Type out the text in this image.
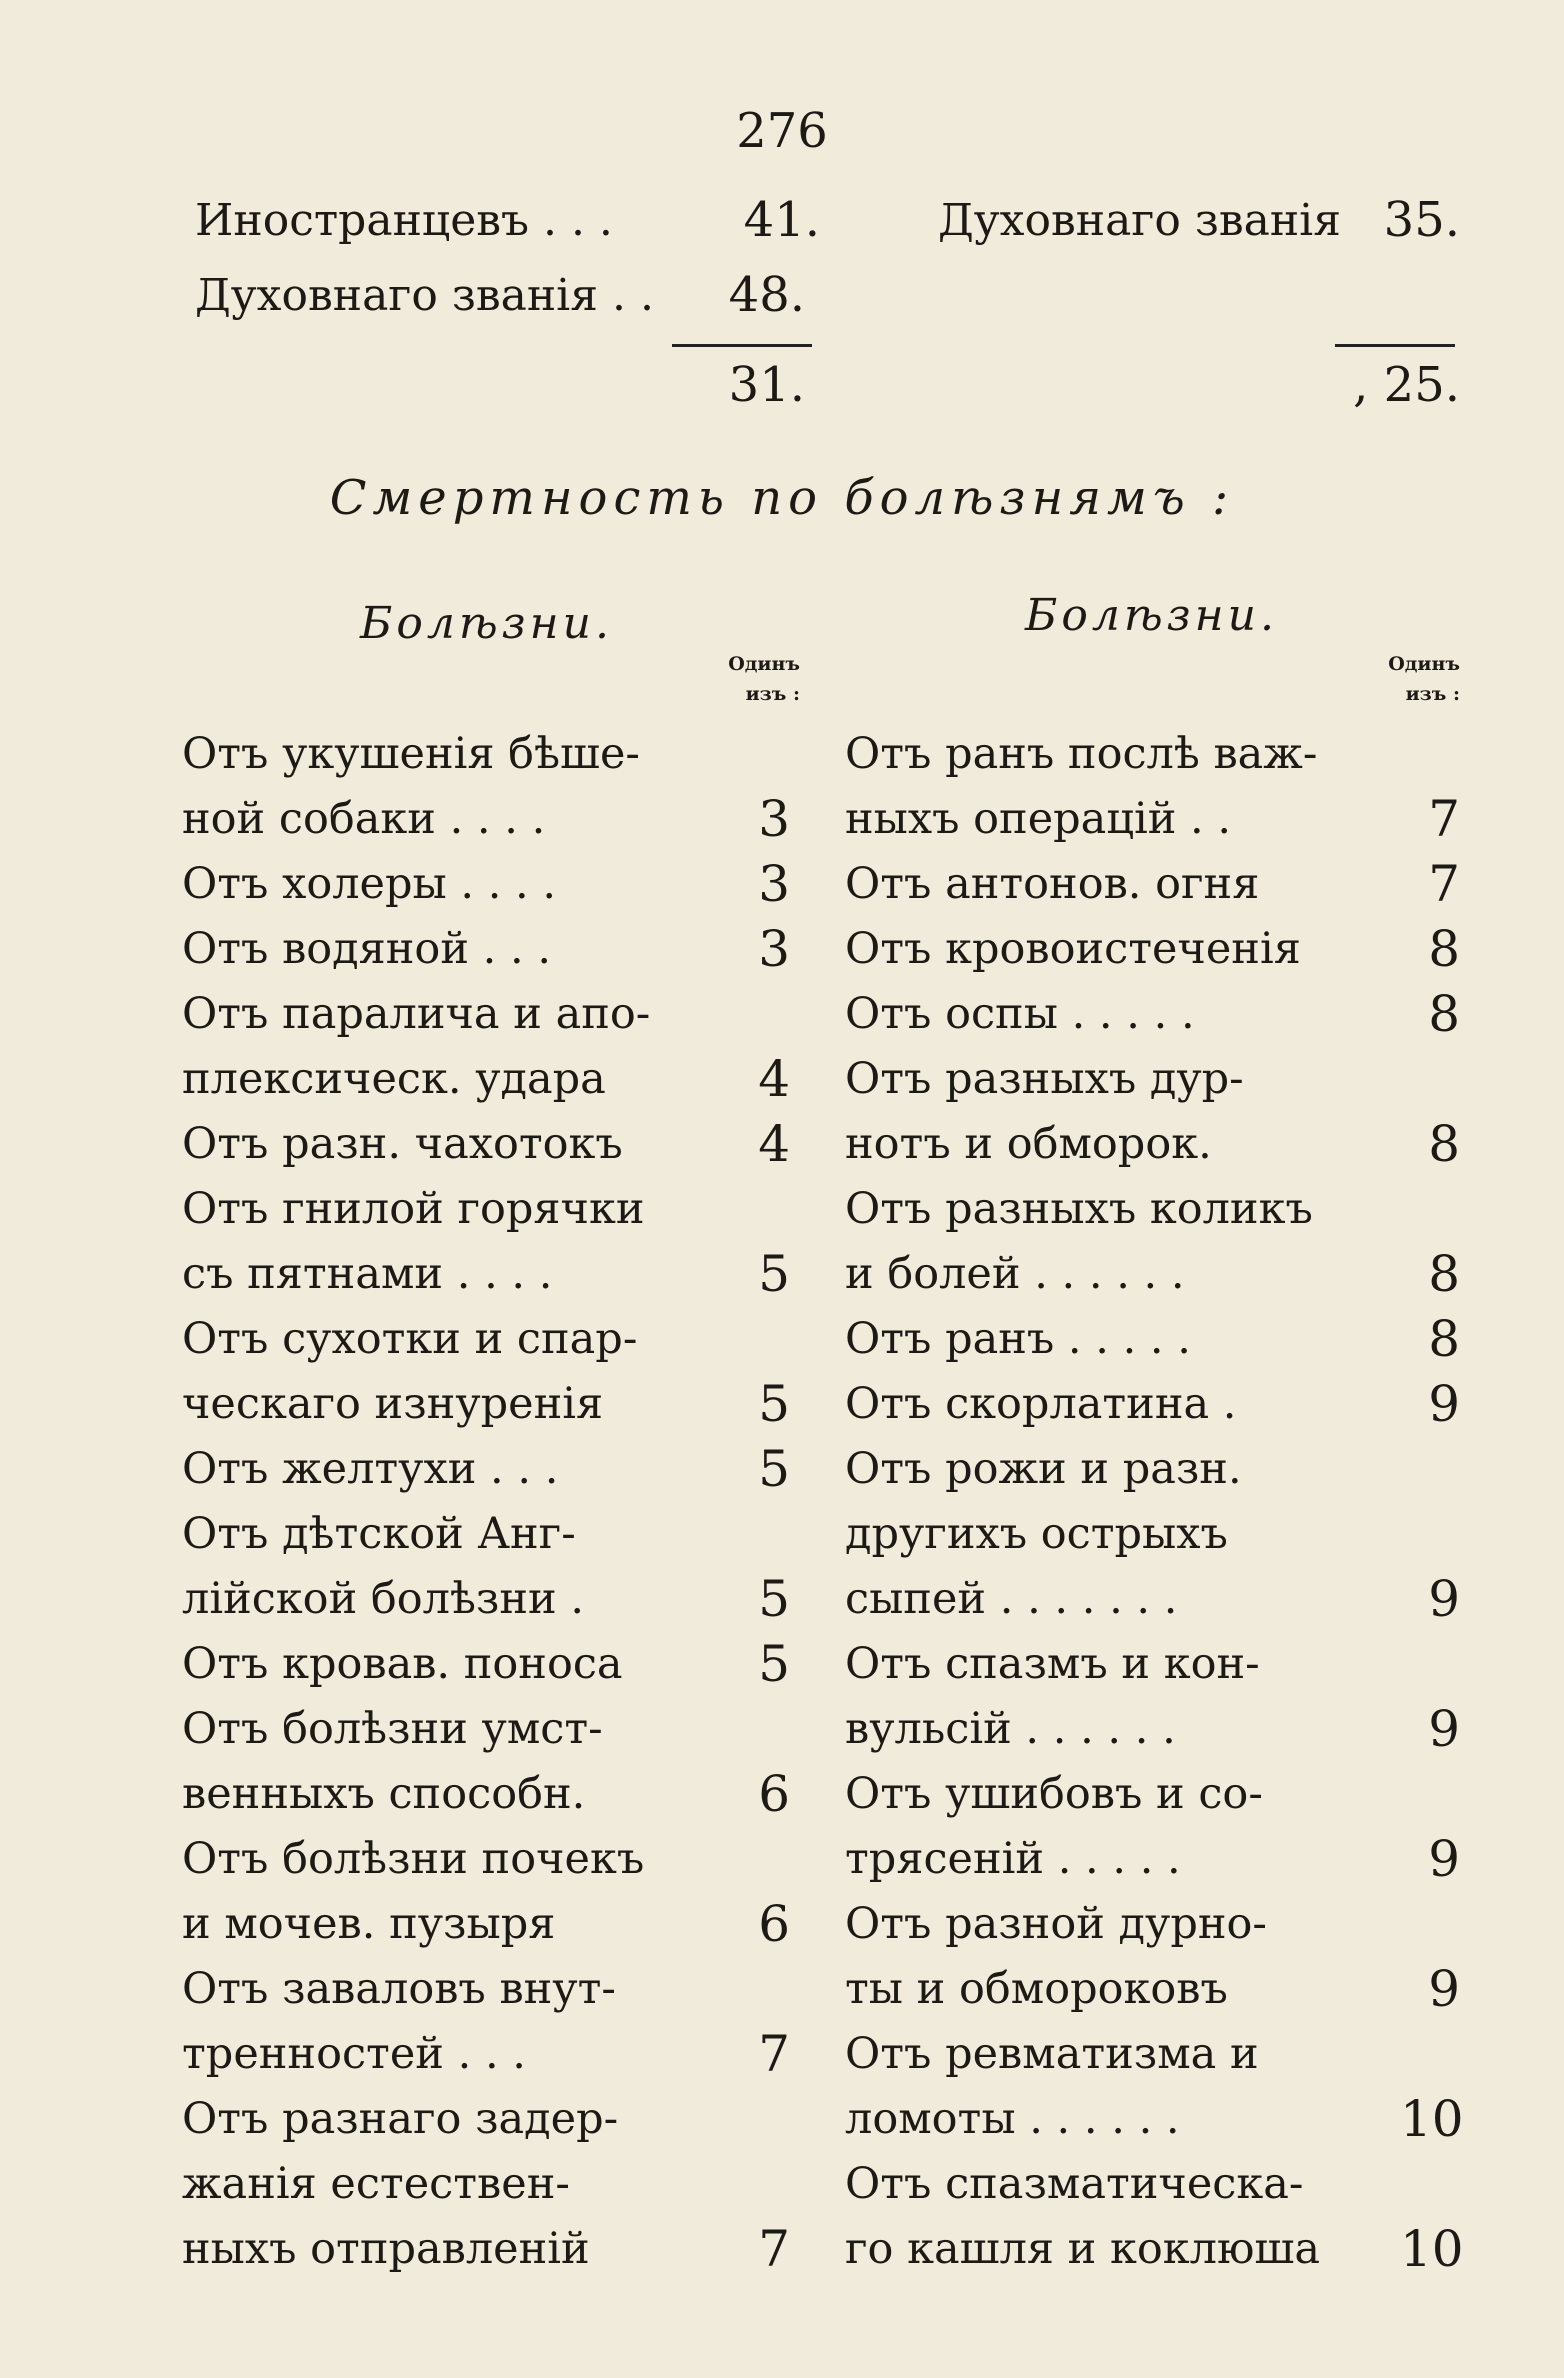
276
Иностранцевъ . . .	41.
Духовнаго званія . .	48.
31.
Духовнаго званія 35.
, 25.
Смертность по болѣзнямъ :
Болѣзни.	Болѣзни.
Одинъ
изъ :
Одинъ
изъ :
Отъ укушенія бѣше-
ной собаки . . . .	3
Отъ холеры . . . .	3
Отъ водяной . . .	3
Отъ паралича и апо-
плексическ. удара	4
Отъ разн. чахотокъ	4
Отъ гнилой горячки
съ пятнами . . . .	5
Отъ сухотки и спар-
ческаго изнуренія	5
Отъ желтухи . . .	5
Отъ дѣтской Анг-
лійской болѣзни .	5
Отъ кровав. поноса	5
Отъ болѣзни умст-
венныхъ способн.	6
Отъ болѣзни почекъ
и мочев. пузыря	6
Отъ заваловъ внут-
тренностей . . .	7
Отъ разнаго задер-
жанія естествен-
ныхъ отправленій	7
Отъ ранъ послѣ важ-
ныхъ операцій . .	7
Отъ антонов. огня	7
Отъ кровоистеченія	8
Отъ оспы . . . . .	8
Отъ разныхъ дур-
нотъ и обморок.	8
Отъ разныхъ коликъ
и болей . . . . . .	8
Отъ ранъ . . . . .	8
Отъ скорлатина .	9
Отъ рожи и разн.
другихъ острыхъ
сыпей . . . . . . .	9
Отъ спазмъ и кон-
вульсій . . . . . .	9
Отъ ушибовъ и со-
трясеній . . . . .	9
Отъ разной дурно-
ты и обмороковъ	9
Отъ ревматизма и
ломоты . . . . . .	10
Отъ спазматическа-
го кашля и коклюша 10
